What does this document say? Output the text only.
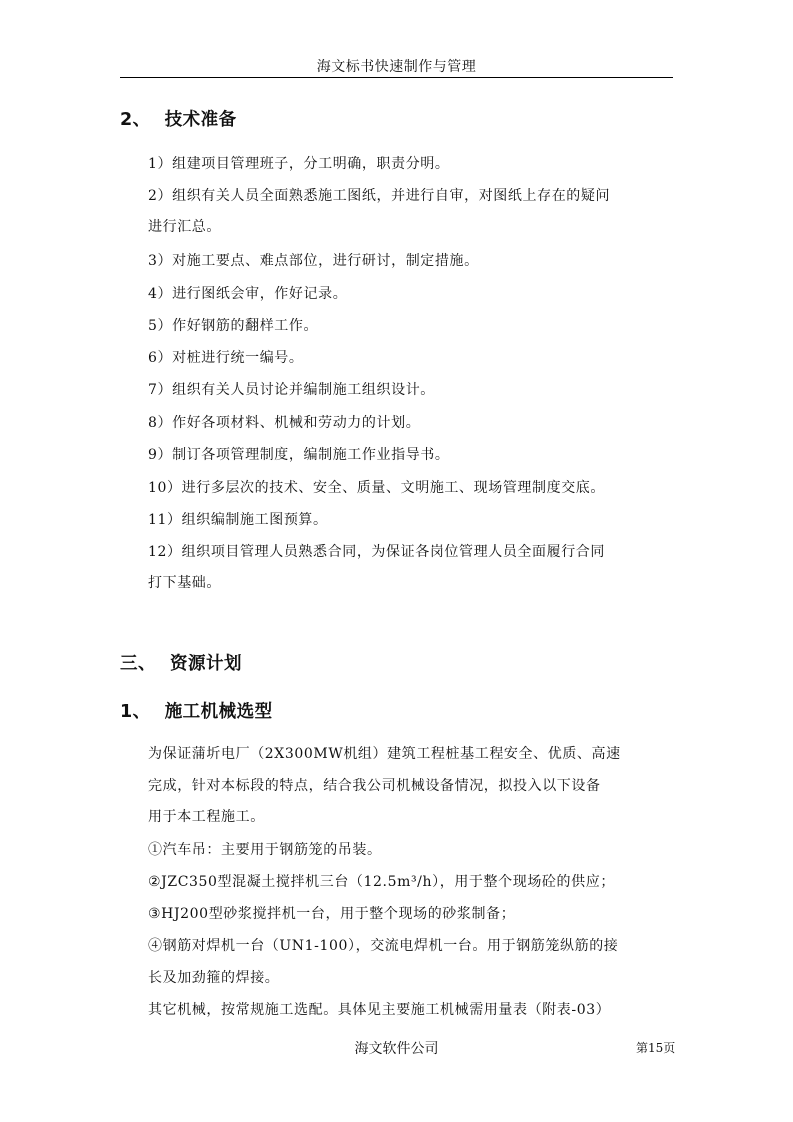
海文标书快速制作与管理
2、 技术准备
1）组建项目管理班子，分工明确，职责分明。
2）组织有关人员全面熟悉施工图纸，并进行自审，对图纸上存在的疑问
进行汇总。
3）对施工要点、难点部位，进行研讨，制定措施。
4）进行图纸会审，作好记录。
5）作好钢筋的翻样工作。
6）对桩进行统一编号。
7）组织有关人员讨论并编制施工组织设计。
8）作好各项材料、机械和劳动力的计划。
9）制订各项管理制度，编制施工作业指导书。
10）进行多层次的技术、安全、质量、文明施工、现场管理制度交底。
11）组织编制施工图预算。
12）组织项目管理人员熟悉合同，为保证各岗位管理人员全面履行合同
打下基础。
三、 资源计划
1、 施工机械选型
为保证蒲圻电厂（2X300MW机组）建筑工程桩基工程安全、优质、高速
完成，针对本标段的特点，结合我公司机械设备情况，拟投入以下设备
用于本工程施工。
①汽车吊：主要用于钢筋笼的吊装。
②JZC350型混凝土搅拌机三台（12.5m³/h），用于整个现场砼的供应；
③HJ200型砂浆搅拌机一台，用于整个现场的砂浆制备；
④钢筋对焊机一台（UN1-100），交流电焊机一台。用于钢筋笼纵筋的接
长及加劲箍的焊接。
其它机械，按常规施工选配。具体见主要施工机械需用量表（附表-03）
海文软件公司	第15页
